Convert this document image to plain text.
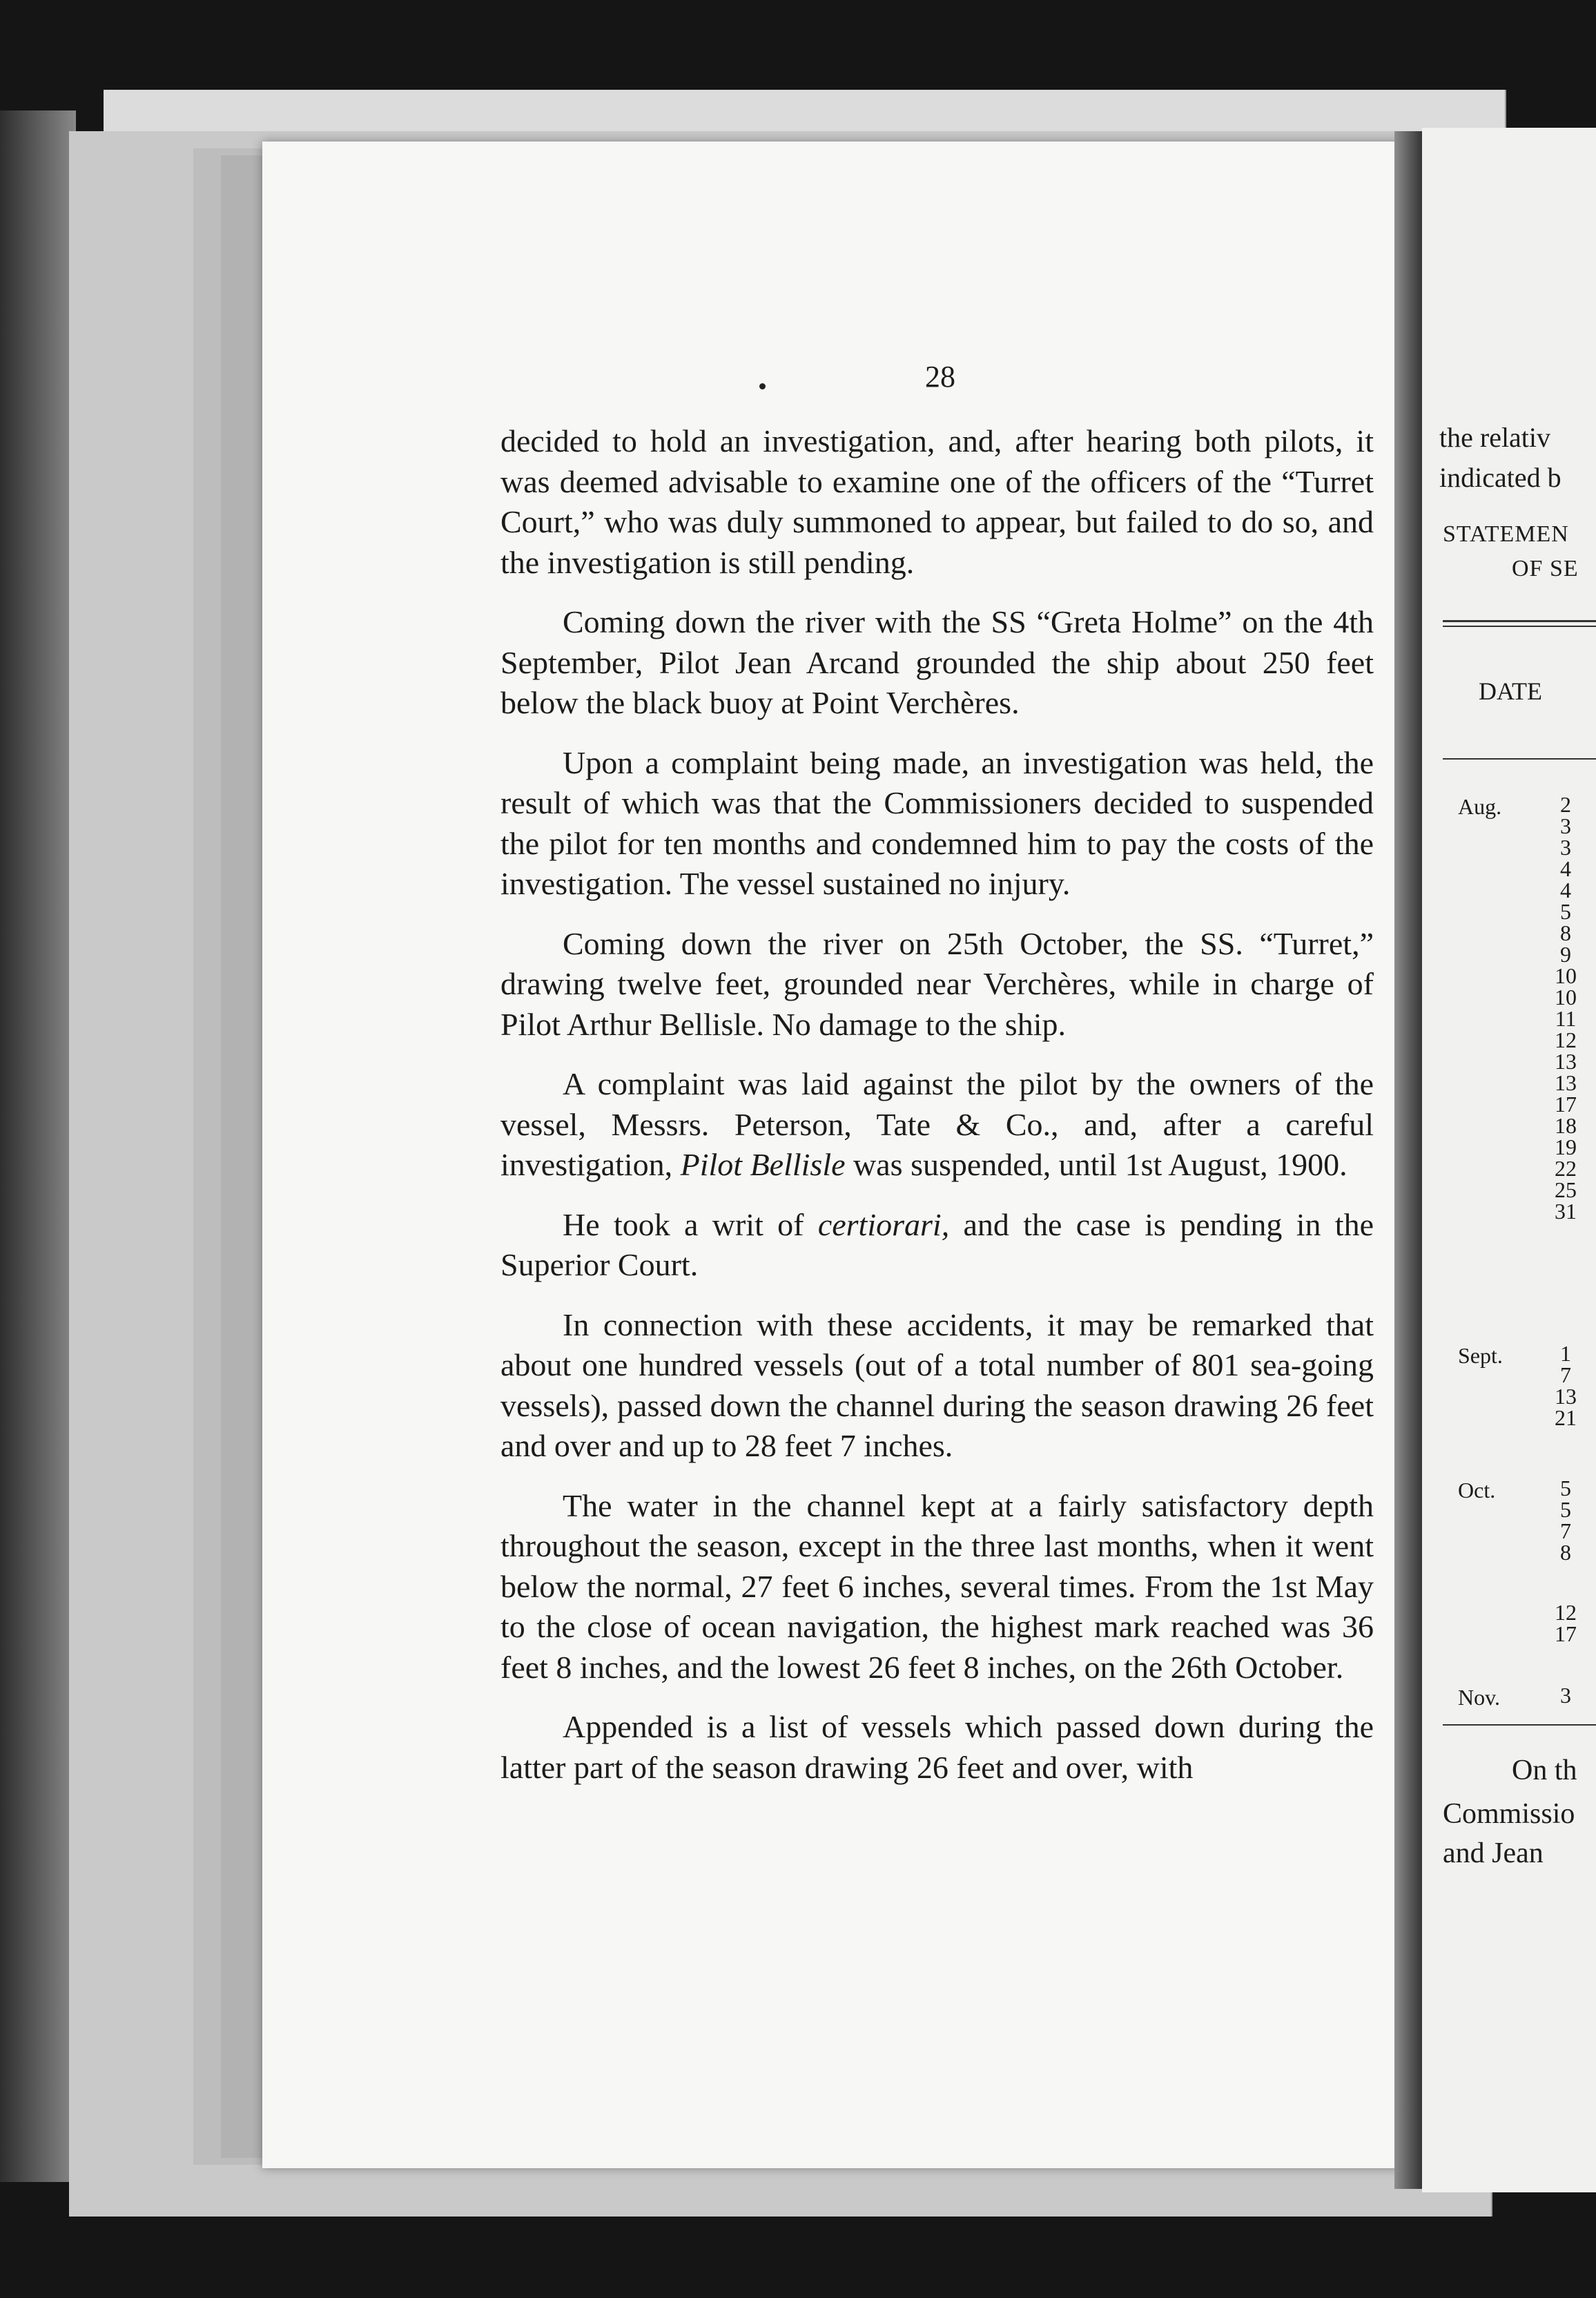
28

decided to hold an investigation, and, after hearing both pilots, it was deemed advisable to examine one of the officers of the “Turret Court,” who was duly summoned to appear, but failed to do so, and the investigation is still pending.

Coming down the river with the SS “Greta Holme” on the 4th September, Pilot Jean Arcand grounded the ship about 250 feet below the black buoy at Point Verchères.

Upon a complaint being made, an investigation was held, the result of which was that the Commissioners decided to suspended the pilot for ten months and condemned him to pay the costs of the investigation. The vessel sustained no injury.

Coming down the river on 25th October, the SS. “Turret,” drawing twelve feet, grounded near Verchères, while in charge of Pilot Arthur Bellisle. No damage to the ship.

A complaint was laid against the pilot by the owners of the vessel, Messrs. Peterson, Tate & Co., and, after a careful investigation, Pilot Bellisle was suspended, until 1st August, 1900.

He took a writ of certiorari, and the case is pending in the Superior Court.

In connection with these accidents, it may be remarked that about one hundred vessels (out of a total number of 801 sea-going vessels), passed down the channel during the season drawing 26 feet and over and up to 28 feet 7 inches.

The water in the channel kept at a fairly satisfactory depth throughout the season, except in the three last months, when it went below the normal, 27 feet 6 inches, several times. From the 1st May to the close of ocean navigation, the highest mark reached was 36 feet 8 inches, and the lowest 26 feet 8 inches, on the 26th October.

Appended is a list of vessels which passed down during the latter part of the season drawing 26 feet and over, with

the relativ
indicated b
STATEMEN
OF SE
DATE
Aug.	2
3
3
4
4
5
8
9
10
10
11
12
13
13
17
18
19
22
25
31
Sept.	1
7
13
21
Oct.	5
5
7
8
12
17
Nov.	3
On th
Commissio
and Jean
